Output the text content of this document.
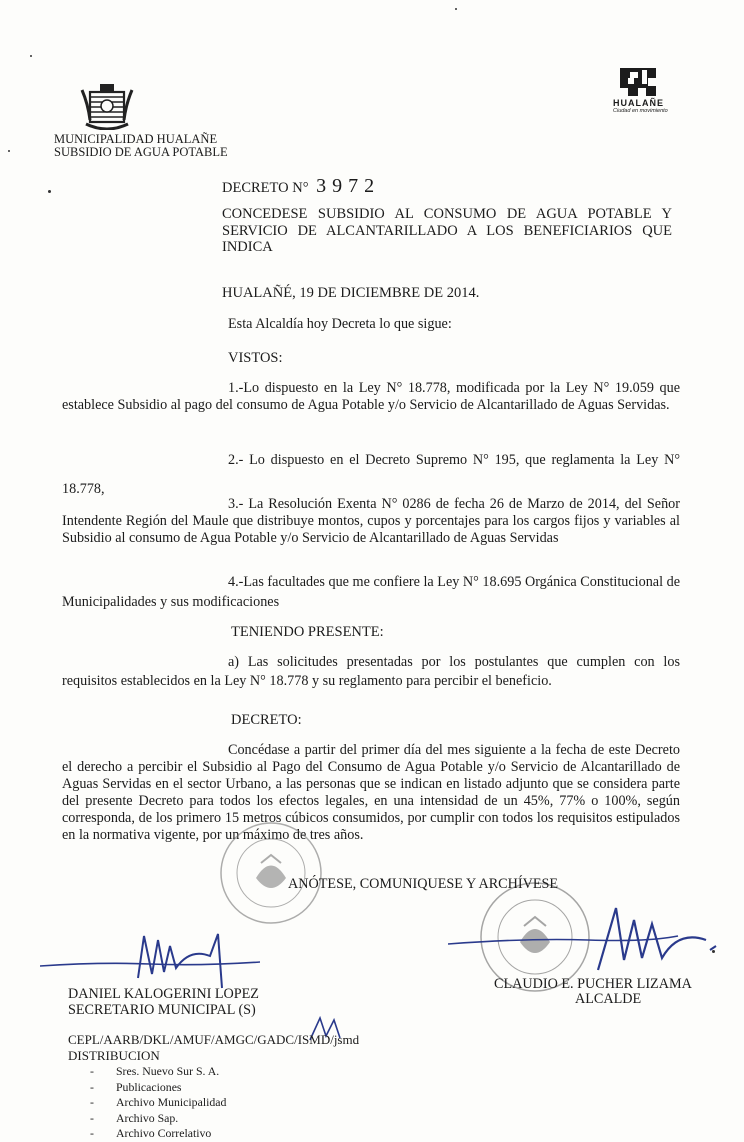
MUNICIPALIDAD HUALAÑE
SUBSIDIO DE AGUA POTABLE
HUALAÑE
Ciudad en movimiento
DECRETO N° 3972
CONCEDESE SUBSIDIO AL CONSUMO DE AGUA POTABLE Y SERVICIO DE ALCANTARILLADO A LOS BENEFICIARIOS QUE INDICA
HUALAÑÉ, 19 DE DICIEMBRE DE 2014.
Esta Alcaldía hoy Decreta lo que sigue:
VISTOS:
1.-Lo dispuesto en la Ley N° 18.778, modificada por la Ley N° 19.059 que establece Subsidio al pago del consumo de Agua Potable y/o Servicio de Alcantarillado de Aguas Servidas.
2.- Lo dispuesto en el Decreto Supremo N° 195, que reglamenta la Ley N° 18.778,
3.- La Resolución Exenta N° 0286 de fecha 26 de Marzo de 2014, del Señor Intendente Región del Maule que distribuye montos, cupos y porcentajes para los cargos fijos y variables al Subsidio al consumo de Agua Potable y/o Servicio de Alcantarillado de Aguas Servidas
4.-Las facultades que me confiere la Ley N° 18.695 Orgánica Constitucional de Municipalidades y sus modificaciones
TENIENDO PRESENTE:
a) Las solicitudes presentadas por los postulantes que cumplen con los requisitos establecidos en la Ley N° 18.778 y su reglamento para percibir el beneficio.
DECRETO:
Concédase a partir del primer día del mes siguiente a la fecha de este Decreto el derecho a percibir el Subsidio al Pago del Consumo de Agua Potable y/o Servicio de Alcantarillado de Aguas Servidas en el sector Urbano, a las personas que se indican en listado adjunto que se considera parte del presente Decreto para todos los efectos legales, en una intensidad de un 45%, 77% o 100%, según corresponda, de los primero 15 metros cúbicos consumidos, por cumplir con todos los requisitos estipulados en la normativa vigente, por un máximo de tres años.
ANÓTESE, COMUNIQUESE Y ARCHÍVESE
DANIEL KALOGERINI LOPEZ
SECRETARIO MUNICIPAL (S)
CLAUDIO E. PUCHER LIZAMA
ALCALDE
CEPL/AARB/DKL/AMUF/AMGC/GADC/ISMD/jsmd
DISTRIBUCION
- Sres. Nuevo Sur S. A.
- Publicaciones
- Archivo Municipalidad
- Archivo Sap.
- Archivo Correlativo
